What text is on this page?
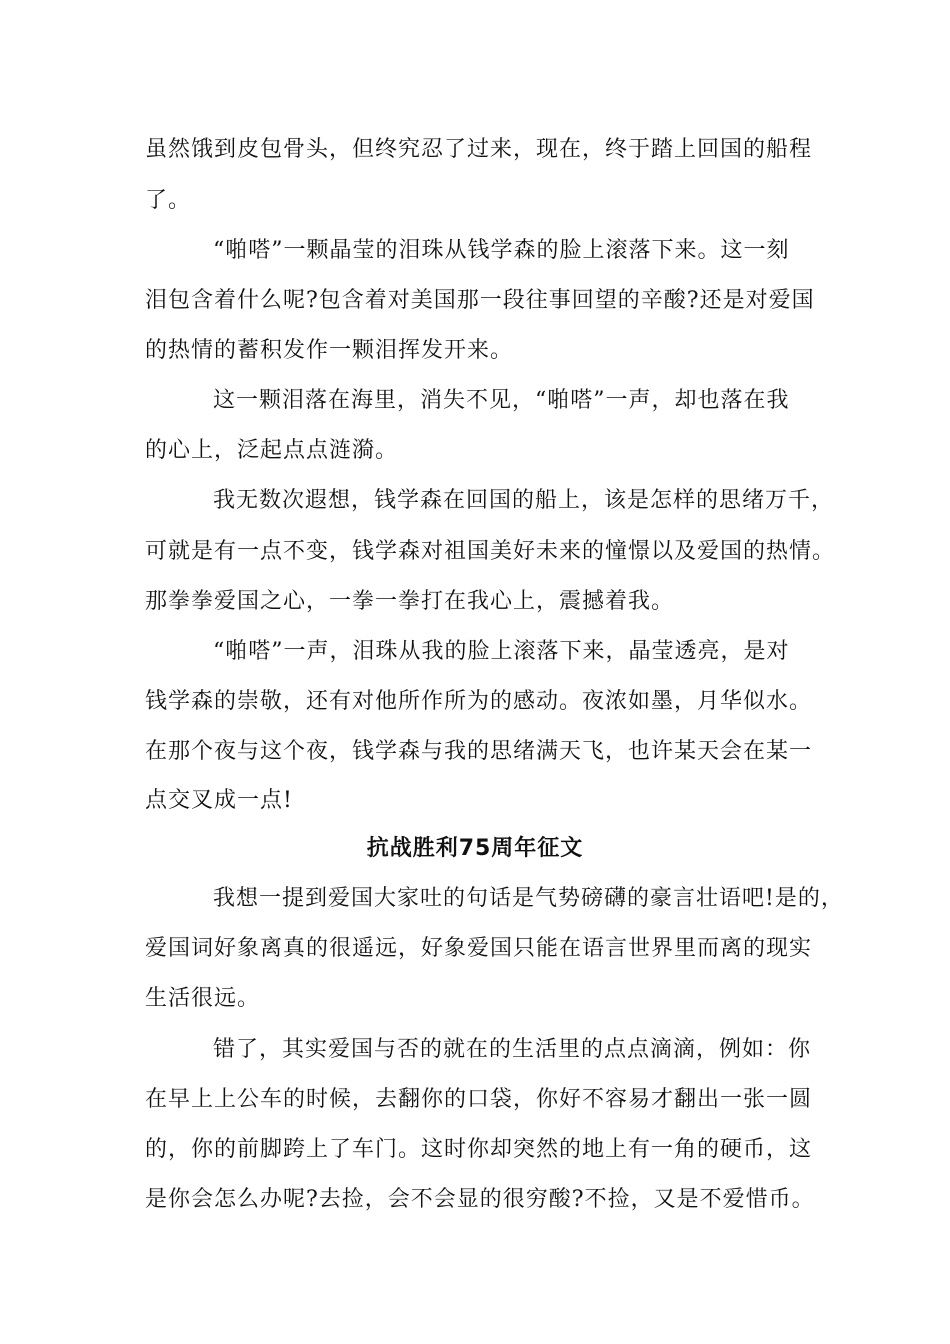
虽然饿到皮包骨头，但终究忍了过来，现在，终于踏上回国的船程
了。
“啪嗒”一颗晶莹的泪珠从钱学森的脸上滚落下来。这一刻
泪包含着什么呢?包含着对美国那一段往事回望的辛酸?还是对爱国
的热情的蓄积发作一颗泪挥发开来。
这一颗泪落在海里，消失不见，“啪嗒”一声，却也落在我
的心上，泛起点点涟漪。
我无数次遐想，钱学森在回国的船上，该是怎样的思绪万千，
可就是有一点不变，钱学森对祖国美好未来的憧憬以及爱国的热情。
那拳拳爱国之心，一拳一拳打在我心上，震撼着我。
“啪嗒”一声，泪珠从我的脸上滚落下来，晶莹透亮，是对
钱学森的崇敬，还有对他所作所为的感动。夜浓如墨，月华似水。
在那个夜与这个夜，钱学森与我的思绪满天飞，也许某天会在某一
点交叉成一点!
抗战胜利75周年征文
我想一提到爱国大家吐的句话是气势磅礴的豪言壮语吧!是的，
爱国词好象离真的很遥远，好象爱国只能在语言世界里而离的现实
生活很远。
错了，其实爱国与否的就在的生活里的点点滴滴，例如：你
在早上上公车的时候，去翻你的口袋，你好不容易才翻出一张一圆
的，你的前脚跨上了车门。这时你却突然的地上有一角的硬币，这
是你会怎么办呢?去捡，会不会显的很穷酸?不捡，又是不爱惜币。
